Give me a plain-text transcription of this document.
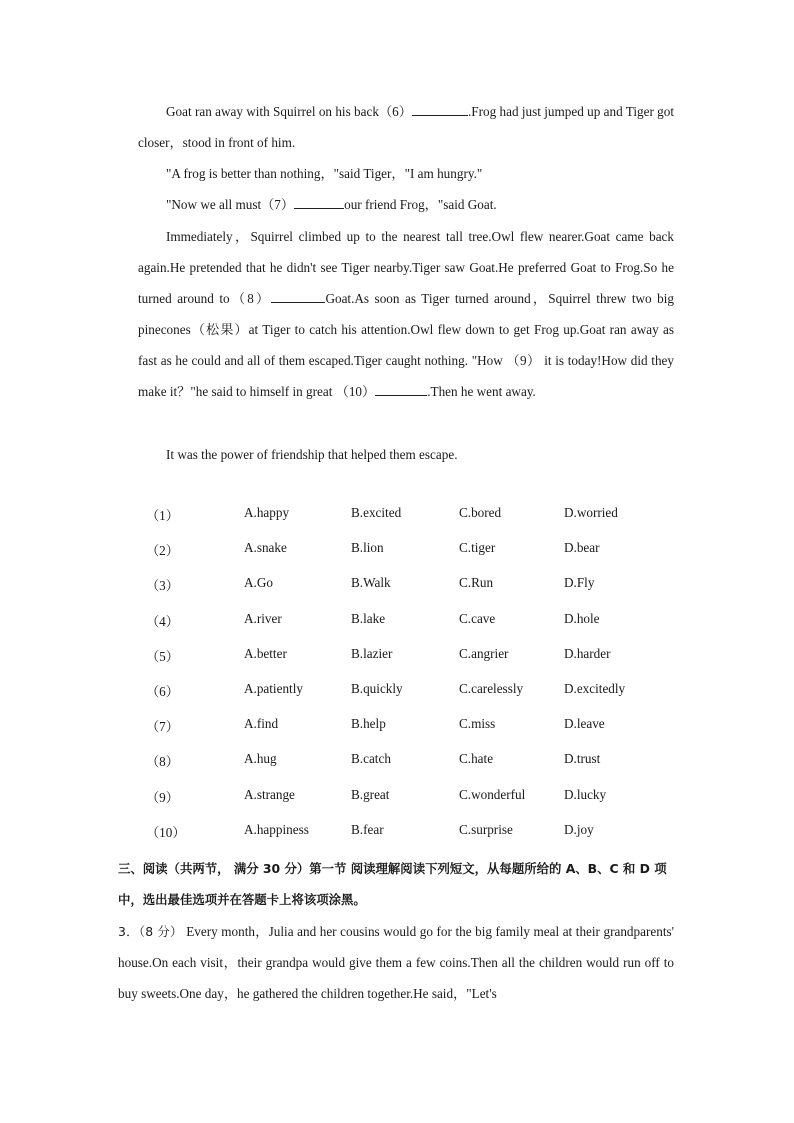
Goat ran away with Squirrel on his back（6）	.Frog had just jumped up and Tiger got closer，stood in front of him.
"A frog is better than nothing，"said Tiger，"I am hungry."
"Now we all must（7）	our friend Frog，"said Goat.
Immediately，Squirrel climbed up to the nearest tall tree.Owl flew nearer.Goat came back again.He pretended that he didn't see Tiger nearby.Tiger saw Goat.He preferred Goat to Frog.So he turned around to（8）	Goat.As soon as Tiger turned around，Squirrel threw two big pinecones（松果）at Tiger to catch his attention.Owl flew down to get Frog up.Goat ran away as fast as he could and all of them escaped.Tiger caught nothing. "How （9） it is today!How did they make it？"he said to himself in great （10）	.Then he went away.
It was the power of friendship that helped them escape.
（1）	A.happy	B.excited	C.bored	D.worried
（2）	A.snake	B.lion	C.tiger	D.bear
（3）	A.Go	B.Walk	C.Run	D.Fly
（4）	A.river	B.lake	C.cave	D.hole
（5）	A.better	B.lazier	C.angrier	D.harder
（6）	A.patiently	B.quickly	C.carelessly	D.excitedly
（7）	A.find	B.help	C.miss	D.leave
（8）	A.hug	B.catch	C.hate	D.trust
（9）	A.strange	B.great	C.wonderful	D.lucky
（10）	A.happiness	B.fear	C.surprise	D.joy
三、阅读（共两节， 满分 30 分）第一节 阅读理解阅读下列短文，从每题所给的 A、B、C 和 D 项中，选出最佳选项并在答题卡上将该项涂黑。
3．（8 分） Every month，Julia and her cousins would go for the big family meal at their grandparents' house.On each visit，their grandpa would give them a few coins.Then all the children would run off to buy sweets.One day，he gathered the children together.He said，"Let's
